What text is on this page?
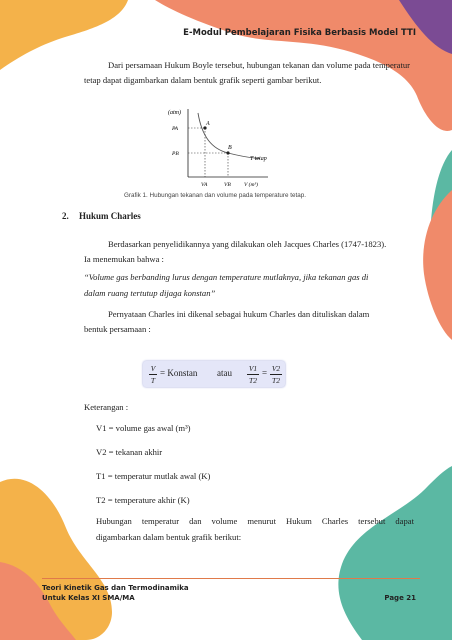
E-Modul Pembelajaran Fisika Berbasis Model TTI
Dari persamaan Hukum Boyle tersebut, hubungan tekanan dan volume pada temperatur tetap dapat digambarkan dalam bentuk grafik seperti gambar berikut.
(atm)
PA
PB
A
B
T tetap
VA	VB V (m³)
Grafik 1. Hubungan tekanan dan volume pada temperature tetap.
2. Hukum Charles
Berdasarkan penyelidikannya yang dilakukan oleh Jacques Charles (1747-1823).
Ia menemukan bahwa :
“Volume gas berbanding lurus dengan temperature mutlaknya, jika tekanan gas di
dalam ruang tertutup dijaga konstan”
Pernyataan Charles ini dikenal sebagai hukum Charles dan dituliskan dalam
bentuk persamaan :
V
T
= Konstan atau V1
T2
= V2
T2
Keterangan :
V1 = volume gas awal (m³)
V2 = tekanan akhir
T1 = temperatur mutlak awal (K)
T2 = temperature akhir (K)
Hubungan temperatur dan volume menurut Hukum Charles tersebut dapat
digambarkan dalam bentuk grafik berikut:
Teori Kinetik Gas dan Termodinamika
Untuk Kelas XI SMA/MA	Page 21
